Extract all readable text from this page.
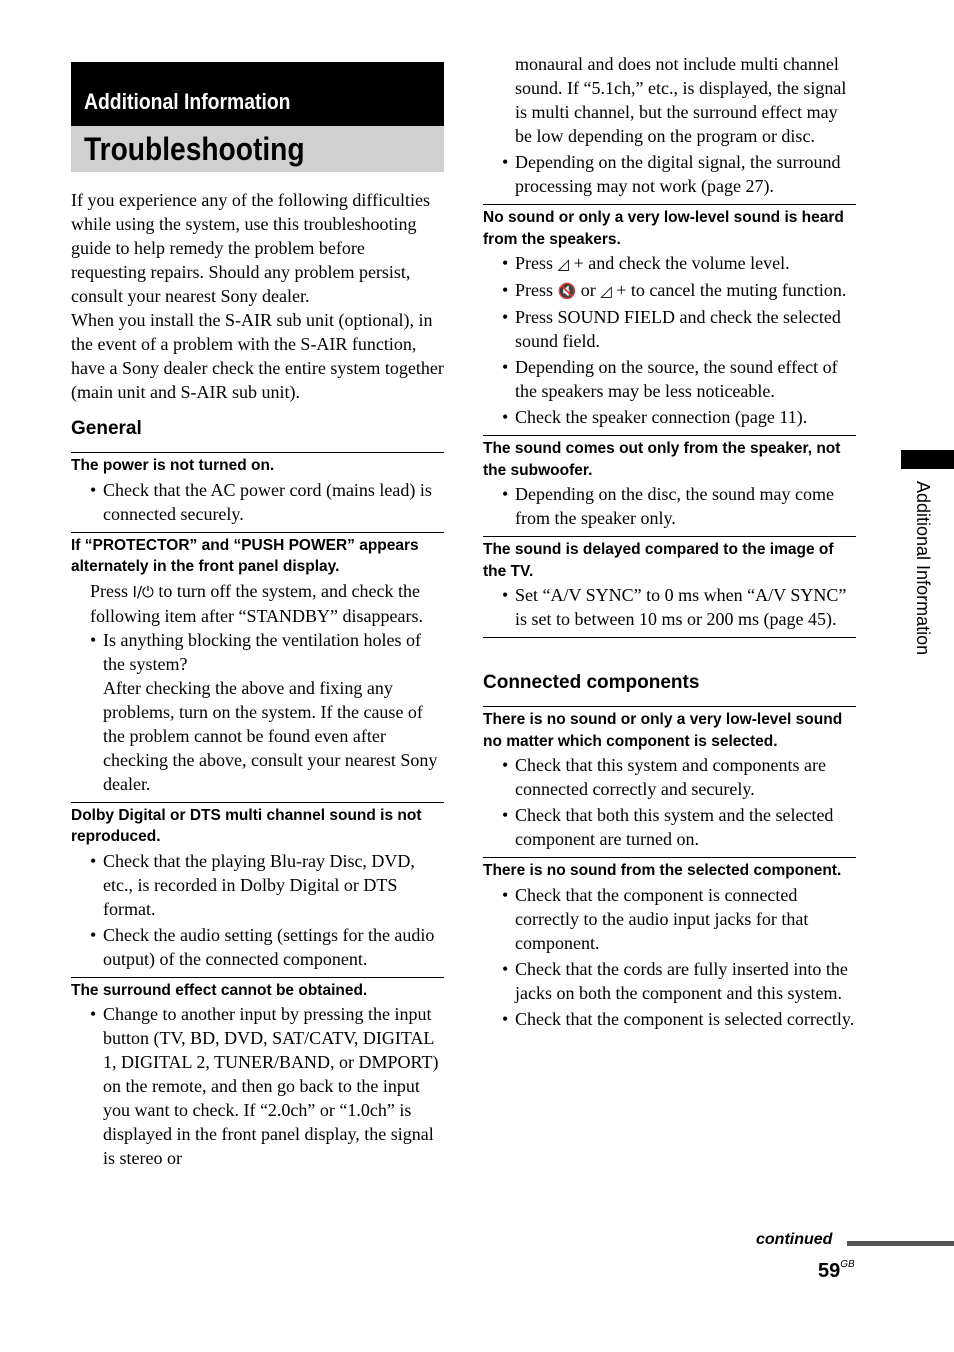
Additional Information
Troubleshooting

If you experience any of the following difficulties while using the system, use this troubleshooting guide to help remedy the problem before requesting repairs. Should any problem persist, consult your nearest Sony dealer.

When you install the S-AIR sub unit (optional), in the event of a problem with the S-AIR function, have a Sony dealer check the entire system together (main unit and S-AIR sub unit).

General
The power is not turned on.
• Check that the AC power cord (mains lead) is connected securely.
If “PROTECTOR” and “PUSH POWER” appears alternately in the front panel display.
Press I/⏻ to turn off the system, and check the following item after “STANDBY” disappears.
• Is anything blocking the ventilation holes of the system?
After checking the above and fixing any problems, turn on the system. If the cause of the problem cannot be found even after checking the above, consult your nearest Sony dealer.
Dolby Digital or DTS multi channel sound is not reproduced.
• Check that the playing Blu-ray Disc, DVD, etc., is recorded in Dolby Digital or DTS format.
• Check the audio setting (settings for the audio output) of the connected component.
The surround effect cannot be obtained.
• Change to another input by pressing the input button (TV, BD, DVD, SAT/CATV, DIGITAL 1, DIGITAL 2, TUNER/BAND, or DMPORT) on the remote, and then go back to the input you want to check. If “2.0ch” or “1.0ch” is displayed in the front panel display, the signal is stereo or
monaural and does not include multi channel sound. If “5.1ch,” etc., is displayed, the signal is multi channel, but the surround effect may be low depending on the program or disc.
• Depending on the digital signal, the surround processing may not work (page 27).
No sound or only a very low-level sound is heard from the speakers.
• Press ◿ + and check the volume level.
• Press 🔇 or ◿ + to cancel the muting function.
• Press SOUND FIELD and check the selected sound field.
• Depending on the source, the sound effect of the speakers may be less noticeable.
• Check the speaker connection (page 11).
The sound comes out only from the speaker, not the subwoofer.
• Depending on the disc, the sound may come from the speaker only.
The sound is delayed compared to the image of the TV.
• Set “A/V SYNC” to 0 ms when “A/V SYNC” is set to between 10 ms or 200 ms (page 45).
Connected components
There is no sound or only a very low-level sound no matter which component is selected.
• Check that this system and components are connected correctly and securely.
• Check that both this system and the selected component are turned on.
There is no sound from the selected component.
• Check that the component is connected correctly to the audio input jacks for that component.
• Check that the cords are fully inserted into the jacks on both the component and this system.
• Check that the component is selected correctly.
Additional Information
continued
$59^{GB}$
